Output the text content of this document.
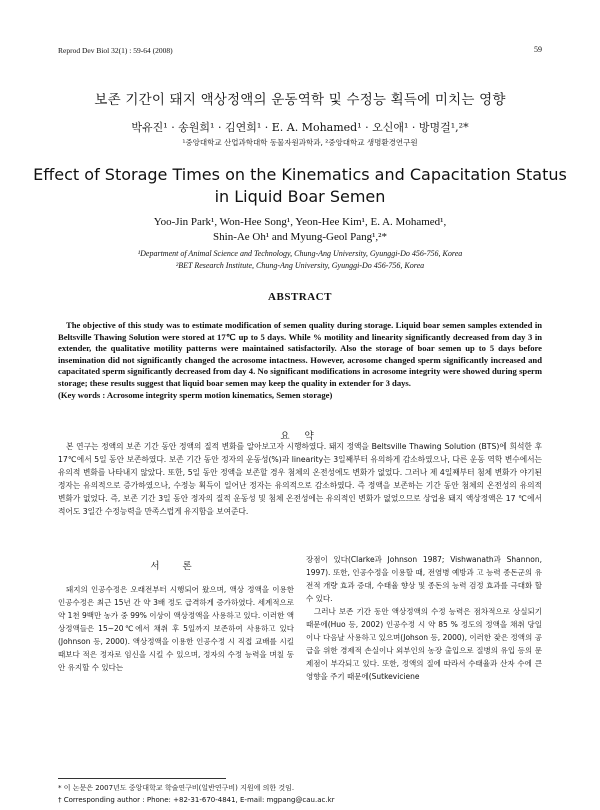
Reprod Dev Biol 32(1) : 59-64 (2008)	59
보존 기간이 돼지 액상정액의 운동역학 및 수정능 획득에 미치는 영향
박유진¹ · 송원희¹ · 김연희¹ · E. A. Mohamed¹ · 오신애¹ · 방명걸¹,²*
¹중앙대학교 산업과학대학 동물자원과학과, ²중앙대학교 생명환경연구원
Effect of Storage Times on the Kinematics and Capacitation Status
in Liquid Boar Semen
Yoo-Jin Park¹, Won-Hee Song¹, Yeon-Hee Kim¹, E. A. Mohamed¹,
Shin-Ae Oh¹ and Myung-Geol Pang¹,²*
¹Department of Animal Science and Technology, Chung-Ang University, Gyunggi-Do 456-756, Korea
²BET Research Institute, Chung-Ang University, Gyunggi-Do 456-756, Korea
ABSTRACT

The objective of this study was to estimate modification of semen quality during storage. Liquid boar semen samples extended in Beltsville Thawing Solution were stored at 17℃ up to 5 days. While % motility and linearity significantly decreased from day 3 in extender, the qualitative motility patterns were maintained satisfactorily. Also the storage of boar semen up to 5 days before insemination did not significantly changed the acrosome intactness. However, acrosome changed sperm significantly increased and capacitated sperm significantly decreased from day 4. No significant modifications in acrosome integrity were showed during sperm storage; these results suggest that liquid boar semen may keep the quality in extender for 3 days.

(Key words : Acrosome integrity sperm motion kinematics, Semen storage)

요 약

본 연구는 정액의 보존 기간 동안 정액의 질적 변화를 알아보고자 시행하였다. 돼지 정액을 Beltsville Thawing Solution (BTS)에 희석한 후 17℃에서 5일 동안 보존하였다. 보존 기간 동안 정자의 운동성(%)과 linearity는 3일째부터 유의하게 감소하였으나, 다른 운동 역학 변수에서는 유의적 변화를 나타내지 않았다. 또한, 5일 동안 정액을 보존할 경우 첨체의 온전성에도 변화가 없었다. 그러나 제 4일째부터 첨체 변화가 야기된 정자는 유의적으로 증가하였으나, 수정능 획득이 일어난 정자는 유의적으로 감소하였다. 즉 정액을 보존하는 기간 동안 첨체의 온전성의 유의적 변화가 없었다. 즉, 보존 기간 3일 동안 정자의 질적 운동성 및 첨체 온전성에는 유의적인 변화가 없었으므로 상업용 돼지 액상정액은 17 ℃에서 적어도 3일간 수정능력을 만족스럽게 유지함을 보여준다.

서 론

돼지의 인공수정은 오래전부터 시행되어 왔으며, 액상 정액을 이용한 인공수정은 최근 15년 간 약 3배 정도 급격하게 증가하였다. 세계적으로 약 1천 9백만 농가 중 99% 이상이 액상정액을 사용하고 있다. 이러한 액상정액들은 15~20℃에서 채취 후 5일까지 보존하여 사용하고 있다(Johnson 등, 2000). 액상정액을 이용한 인공수정 시 직접 교배를 시킬 때보다 적은 정자로 임신을 시킬 수 있으며, 정자의 수정 능력을 며칠 동안 유지할 수 있다는

장점이 있다(Clarke과 Johnson 1987; Vishwanath과 Shannon, 1997). 또한, 인공수정을 이용할 때, 전염병 예방과 고 능력 종돈군의 유전적 개량 효과 증대, 수태율 향상 및 종돈의 능력 검정 효과를 극대화 할 수 있다.

그러나 보존 기간 동안 액상정액의 수정 능력은 점차적으로 상실되기 때문에(Huo 등, 2002) 인공수정 시 약 85 % 정도의 정액을 채취 당일이나 다음날 사용하고 있으며(Johson 등, 2000), 이러한 잦은 정액의 공급을 위한 경제적 손실이나 외부인의 농장 출입으로 질병의 유입 등의 문제점이 부각되고 있다. 또한, 정액의 질에 따라서 수태율과 산자 수에 큰 영향을 주기 때문에(Sutkeviciene

* 이 논문은 2007년도 중앙대학교 학술연구비(일반연구비) 지원에 의한 것임.

† Corresponding author : Phone: +82-31-670-4841, E-mail: mgpang@cau.ac.kr
